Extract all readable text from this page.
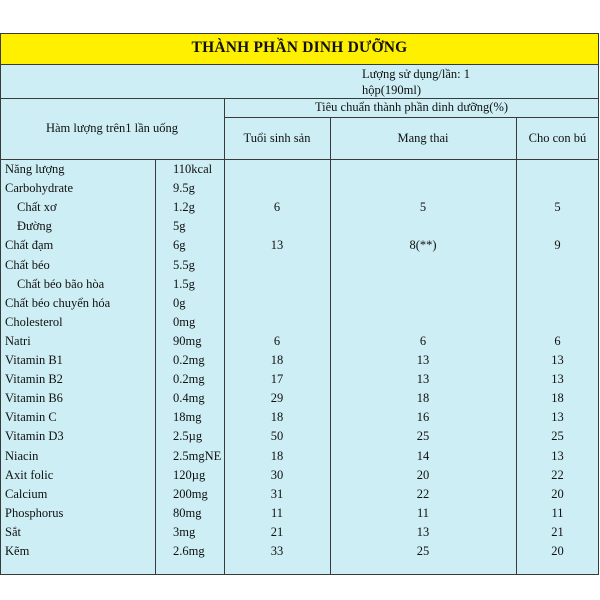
THÀNH PHẦN DINH DƯỠNG
Lượng sử dụng/lần: 1
hộp(190ml)
Tiêu chuẩn thành phần dinh dưỡng(%)
Hàm lượng trên1 lần uống
Tuổi sinh sản	Mang thai	Cho con bú
Năng lượng	110kcal
Carbohydrate	9.5g
Chất xơ	1.2g	6	5	5
Đường	5g
Chất đạm	6g	13	8(**)	9
Chất béo	5.5g
Chất béo bão hòa	1.5g
Chất béo chuyển hóa	0g
Cholesterol	0mg
Natri	90mg	6	6	6
Vitamin B1	0.2mg	18	13	13
Vitamin B2	0.2mg	17	13	13
Vitamin B6	0.4mg	29	18	18
Vitamin C	18mg	18	16	13
Vitamin D3	2.5µg	50	25	25
Niacin	2.5mgNE	18	14	13
Axit folic	120µg	30	20	22
Calcium	200mg	31	22	20
Phosphorus	80mg	11	11	11
Sắt	3mg	21	13	21
Kẽm	2.6mg	33	25	20
